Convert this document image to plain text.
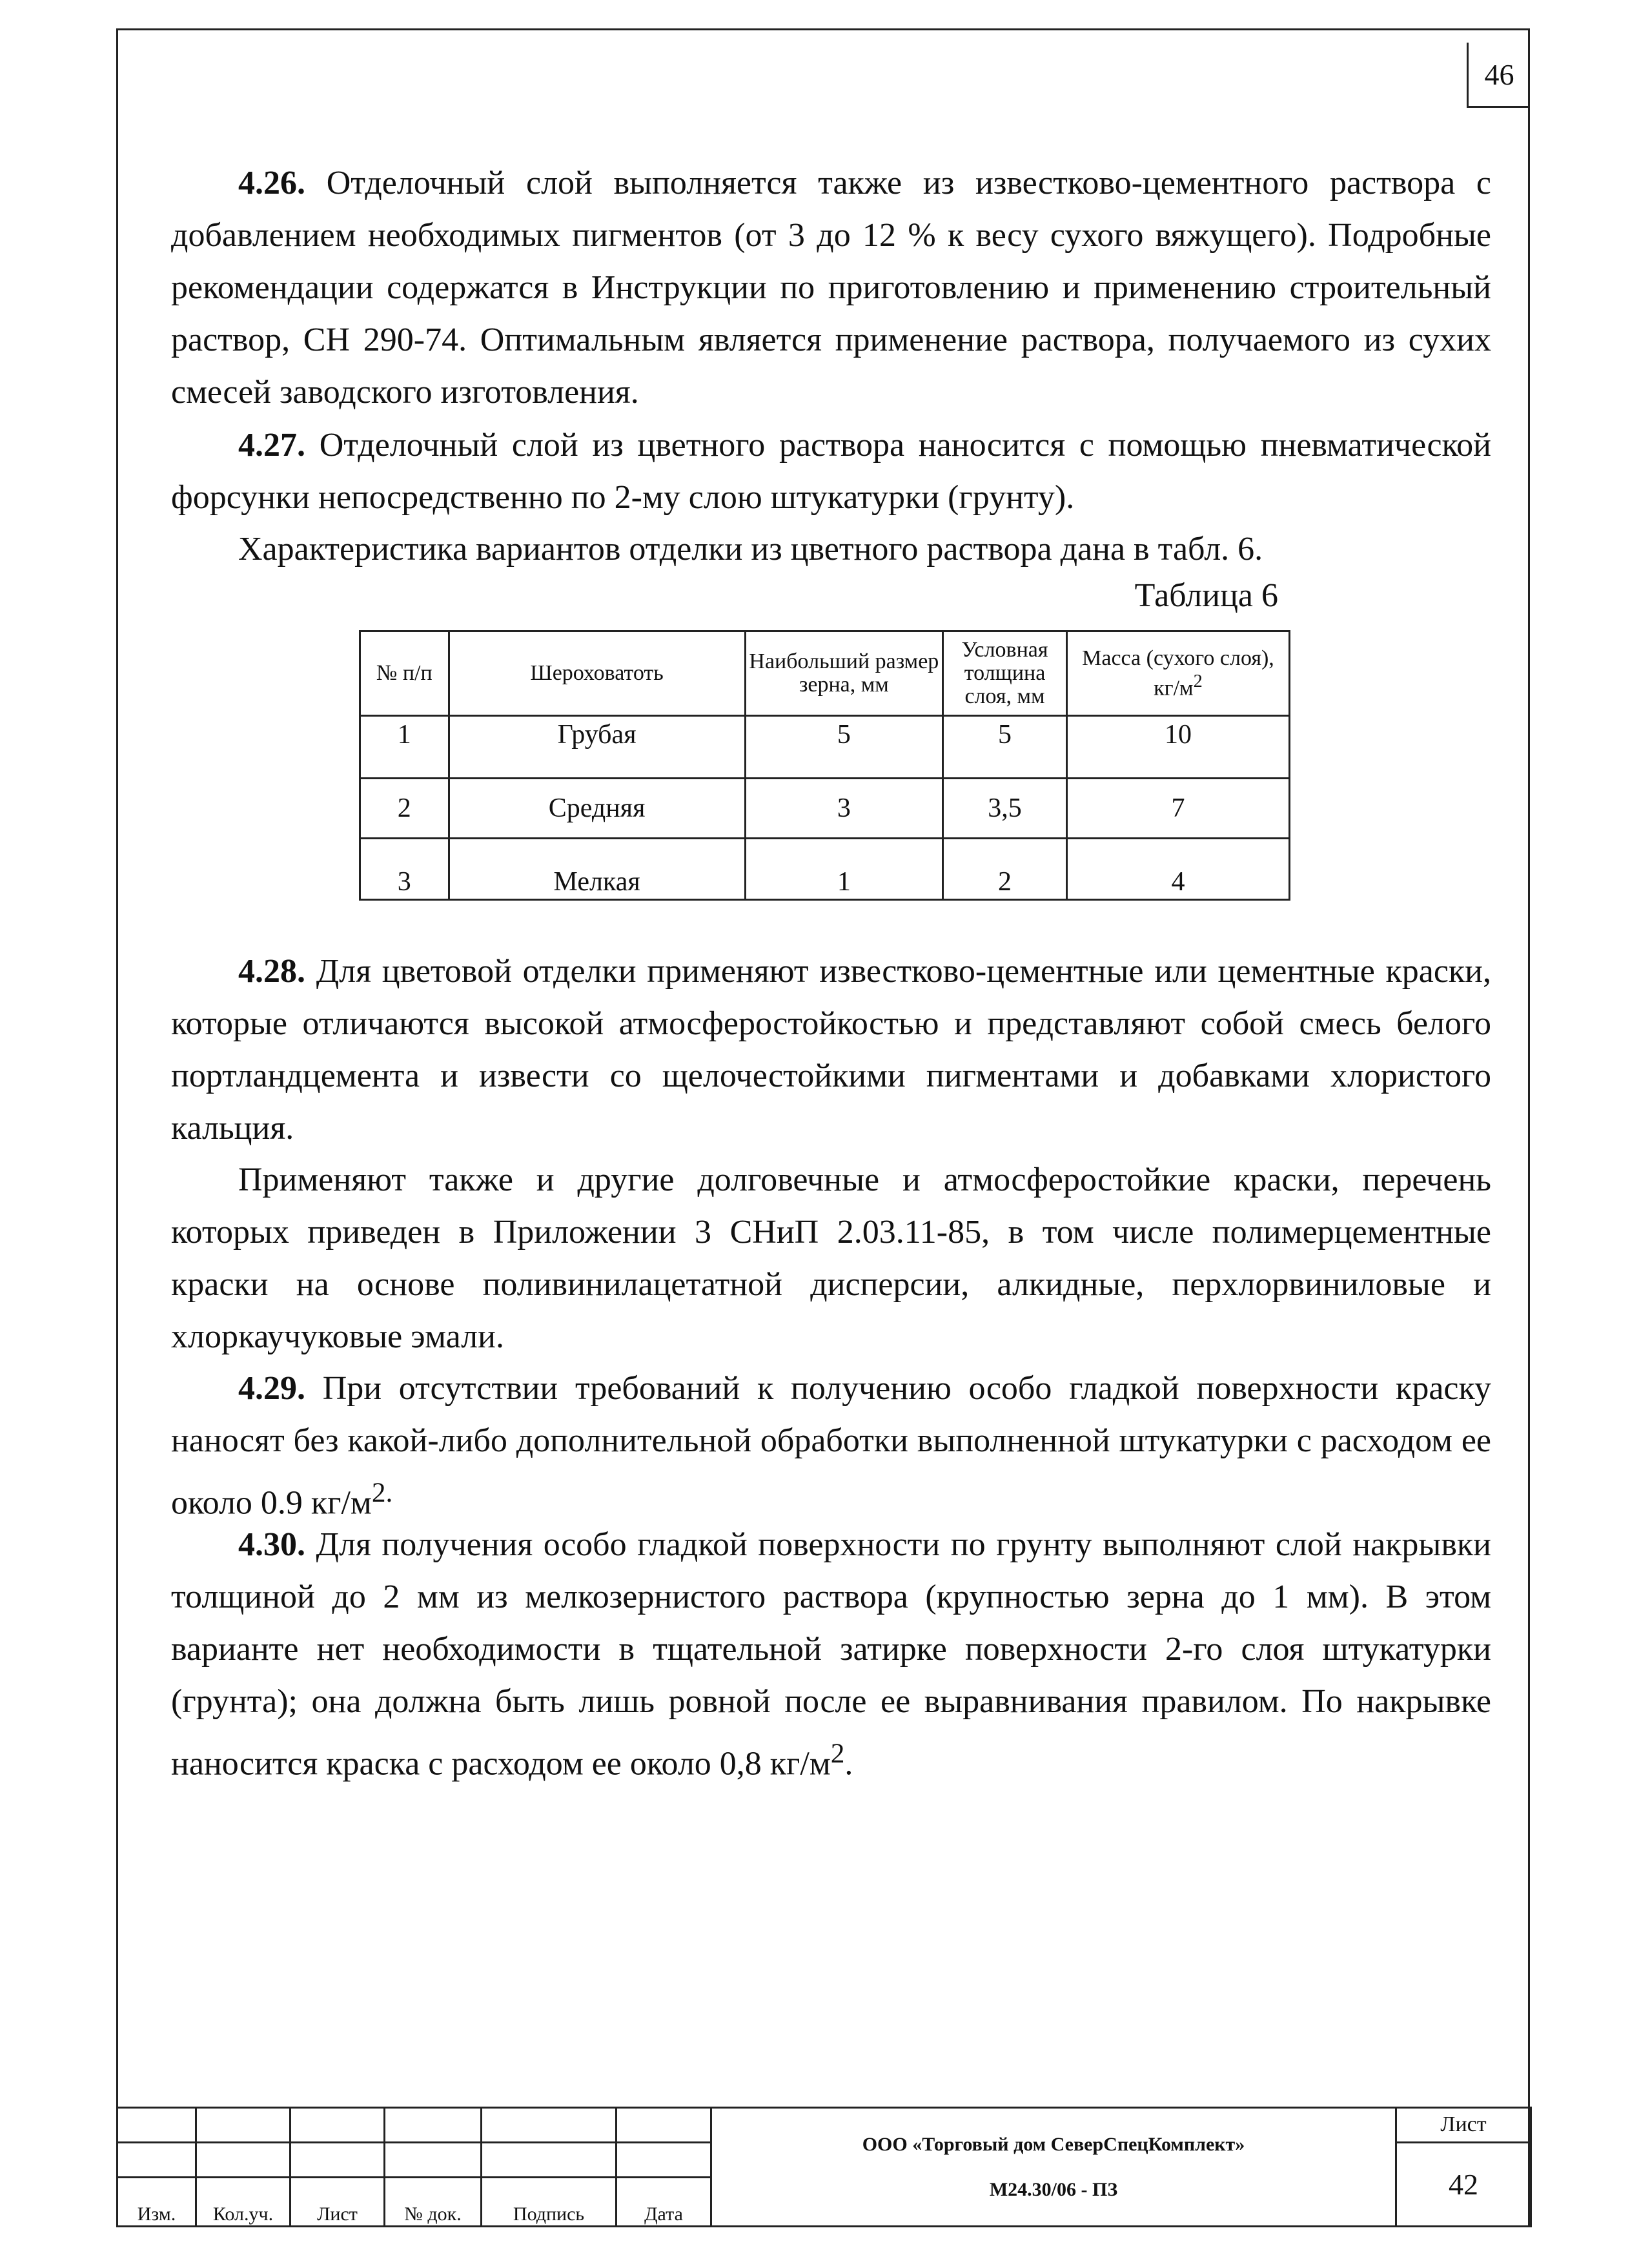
46

4.26. Отделочный слой выполняется также из известково-цементного раствора с добавлением необходимых пигментов (от 3 до 12 % к весу сухого вяжущего). Подробные рекомендации содержатся в Инструкции по приготовлению и применению строительный раствор, СН 290-74. Оптимальным является применение раствора, получаемого из сухих смесей заводского изготовления.

4.27. Отделочный слой из цветного раствора наносится с помощью пневматической форсунки непосредственно по 2-му слою штукатурки (грунту).

Характеристика вариантов отделки из цветного раствора дана в табл. 6.

Таблица 6
№ п/п	Шероховатоть	Наибольший размер зерна, мм	Условная толщина слоя, мм	Масса (сухого слоя), $кг/м^2$
1	Грубая	5	5	10
2	Средняя	3	3,5	7
3	Мелкая	1	2	4

4.28. Для цветовой отделки применяют известково-цементные или цементные краски, которые отличаются высокой атмосферостойкостью и представляют собой смесь белого портландцемента и извести со щелочестойкими пигментами и добавками хлористого кальция.

Применяют также и другие долговечные и атмосферостойкие краски, перечень которых приведен в Приложении 3 СНиП 2.03.11-85, в том числе полимерцементные краски на основе поливинилацетатной дисперсии, алкидные, перхлорвиниловые и хлоркаучуковые эмали.

4.29. При отсутствии требований к получению особо гладкой поверхности краску наносят без какой-либо дополнительной обработки выполненной штукатурки с расходом ее около 0.9 $кг/м^{2.}$

4.30. Для получения особо гладкой поверхности по грунту выполняют слой накрывки толщиной до 2 мм из мелкозернистого раствора (крупностью зерна до 1 мм). В этом варианте нет необходимости в тщательной затирке поверхности 2-го слоя штукатурки (грунта); она должна быть лишь ровной после ее выравнивания правилом. По накрывке наносится краска с расходом ее около 0,8 $кг/м^2$.

						ООО «Торговый дом СеверСпецКомплект»
М24.30/06 - ПЗ	Лист
							42
Изм.	Кол.уч.	Лист	№ док.	Подпись	Дата		
